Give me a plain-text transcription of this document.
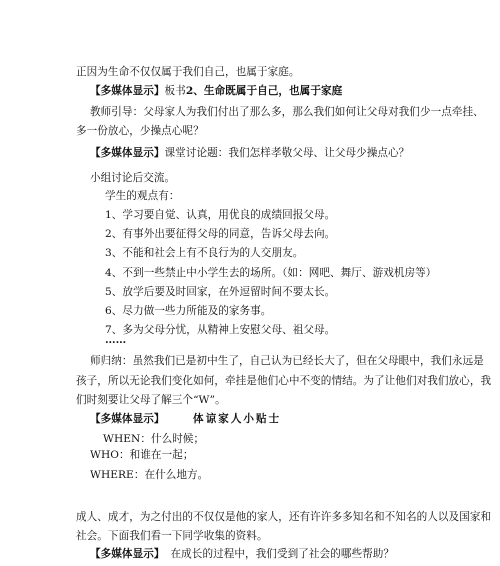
正因为生命不仅仅属于我们自己，也属于家庭。
【多媒体显示】板书2、生命既属于自己，也属于家庭
教师引导：父母家人为我们付出了那么多，那么我们如何让父母对我们少一点牵挂、
多一份放心，少操点心呢？
【多媒体显示】课堂讨论题：我们怎样孝敬父母、让父母少操点心？
小组讨论后交流。
学生的观点有：
1、学习要自觉、认真，用优良的成绩回报父母。
2、有事外出要征得父母的同意，告诉父母去向。
3、不能和社会上有不良行为的人交朋友。
4、不到一些禁止中小学生去的场所。（如：网吧、舞厅、游戏机房等）
5、放学后要及时回家，在外逗留时间不要太长。
6、尽力做一些力所能及的家务事。
7、多为父母分忧，从精神上安慰父母、祖父母。
……
师归纳：虽然我们已是初中生了，自己认为已经长大了，但在父母眼中，我们永远是
孩子，所以无论我们变化如何，牵挂是他们心中不变的情结。为了让他们对我们放心，我
们时刻要让父母了解三个“W”。
【多媒体显示】	体谅家人小贴士
WHEN：什么时候；
WHO：和谁在一起；
WHERE：在什么地方。
成人、成才，为之付出的不仅仅是他的家人，还有许许多多知名和不知名的人以及国家和
社会。下面我们看一下同学收集的资料。
【多媒体显示】 在成长的过程中，我们受到了社会的哪些帮助？
